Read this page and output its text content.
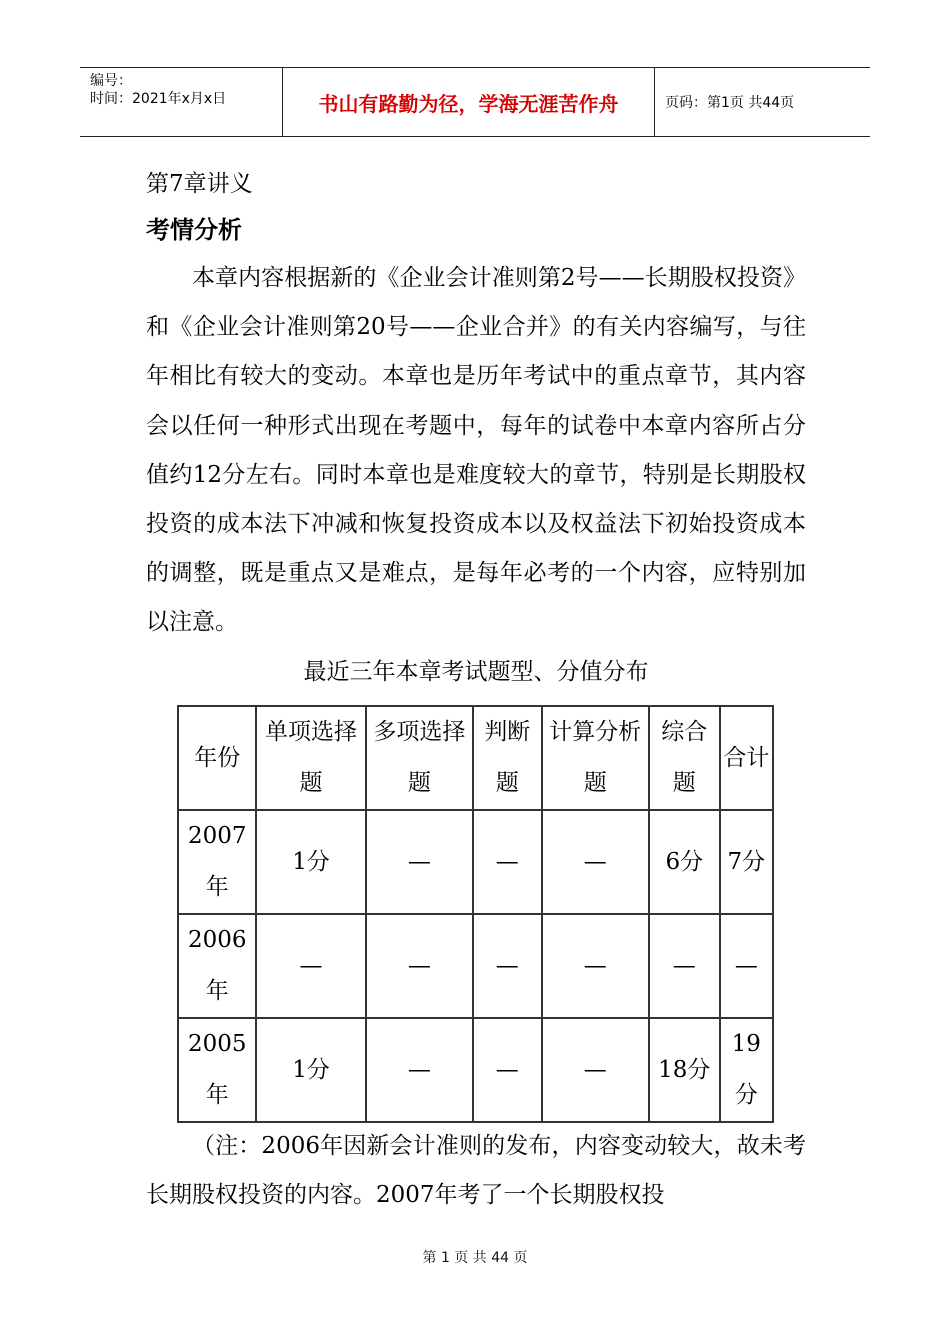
编号：
时间：2021年x月x日	书山有路勤为径，学海无涯苦作舟	页码：第1页 共44页

第7章讲义

考情分析

本章内容根据新的《企业会计准则第2号——长期股权投资》和《企业会计准则第20号——企业合并》的有关内容编写，与往年相比有较大的变动。本章也是历年考试中的重点章节，其内容会以任何一种形式出现在考题中，每年的试卷中本章内容所占分值约12分左右。同时本章也是难度较大的章节，特别是长期股权投资的成本法下冲减和恢复投资成本以及权益法下初始投资成本的调整，既是重点又是难点，是每年必考的一个内容，应特别加以注意。

最近三年本章考试题型、分值分布

年份	单项选择题	多项选择题	判断题	计算分析题	综合题	合计
2007年	1分	—	—	—	6分	7分
2006年	—	—	—	—	—	—
2005年	1分	—	—	—	18分	19分

（注：2006年因新会计准则的发布，内容变动较大，故未考长期股权投资的内容。2007年考了一个长期股权投

第 1 页 共 44 页
